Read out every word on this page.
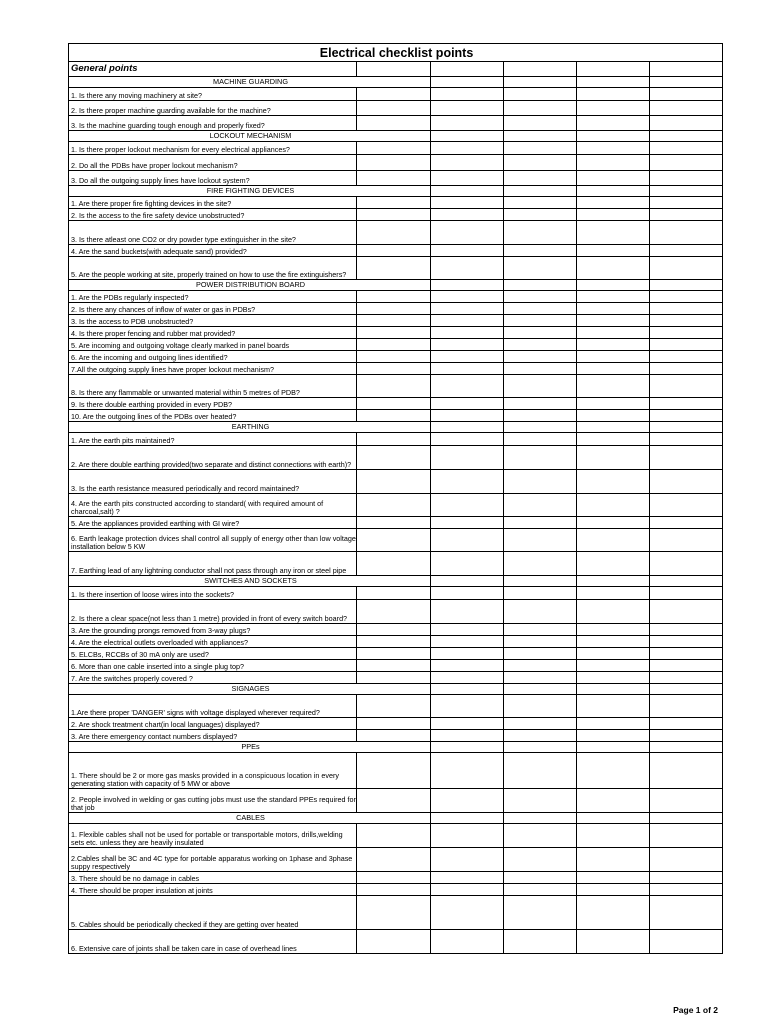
Electrical checklist points					
General points					
MACHINE GUARDING					
1. Is there any moving machinery at site?					
2. Is there proper machine guarding available for the machine?					
3. Is the machine guarding tough enough and properly fixed?					
LOCKOUT MECHANISM					
1. Is there proper lockout mechanism for every electrical appliances?					
2. Do all the PDBs have proper lockout mechanism?					
3. Do all the outgoing supply lines have lockout system?					
FIRE FIGHTING DEVICES					
1. Are there proper fire fighting devices in the site?					
2. Is the access to the fire safety device unobstructed?					
3. Is there atleast one CO2 or dry powder type extinguisher in the site?					
4. Are the sand buckets(with adequate sand) provided?					
5. Are the people working at site, properly trained on how to use the fire extinguishers?					
POWER DISTRIBUTION BOARD					
1. Are the PDBs regularly inspected?					
2. Is there any chances of inflow of water or gas in PDBs?					
3. Is the access to PDB unobstructed?					
4. Is there proper fencing and rubber mat provided?					
5. Are incoming and outgoing voltage clearly marked in panel boards					
6. Are the incoming and outgoing lines identified?					
7.All the outgoing supply lines have proper lockout mechanism?					
8. Is there any flammable or unwanted material within 5 metres of PDB?					
9. Is there double earthing provided in every PDB?					
10. Are the outgoing lines of the PDBs over heated?					
EARTHING					
1. Are the earth pits maintained?					
2. Are there double earthing provided(two separate and distinct connections with earth)?					
3. Is the earth resistance measured periodically and record maintained?					
4. Are the earth pits constructed according to standard( with required amount of charcoal,salt) ?					
5. Are the appliances provided earthing with GI wire?					
6. Earth leakage protection dvices shall control all supply of energy other than low voltage installation below 5 KW					
7. Earthing lead of any lightning conductor shall not pass through any iron or steel pipe					
SWITCHES AND SOCKETS					
1. Is there insertion of loose wires into the sockets?					
2. Is there a clear space(not less than 1 metre) provided in front of every switch board?					
3. Are the grounding prongs removed from 3-way plugs?					
4. Are the electrical outlets overloaded with appliances?					
5. ELCBs, RCCBs of 30 mA only are used?					
6. More than one cable inserted into a single plug top?					
7. Are the switches properly covered ?					
SIGNAGES					
1.Are there proper 'DANGER' signs with voltage displayed wherever required?					
2. Are shock treatment chart(in local languages) displayed?					
3. Are there emergency contact numbers displayed?					
PPEs					
1. There should be 2 or more gas masks provided in a conspicuous location in every generating station with capacity of 5 MW or above					
2. People involved in welding or gas cutting jobs must use the standard PPEs required for that job					
CABLES					
1. Flexible cables shall not be used for portable or transportable motors, drills,welding sets etc. unless they are heavily insulated					
2.Cables shall be 3C and 4C type for portable apparatus working on 1phase and 3phase suppy respectively					
3. There should be no damage in cables					
4. There should be proper insulation at joints					
5. Cables should be periodically checked if they are getting over heated					
6. Extensive care of joints shall be taken care in case of overhead lines					
Page 1 of 2
